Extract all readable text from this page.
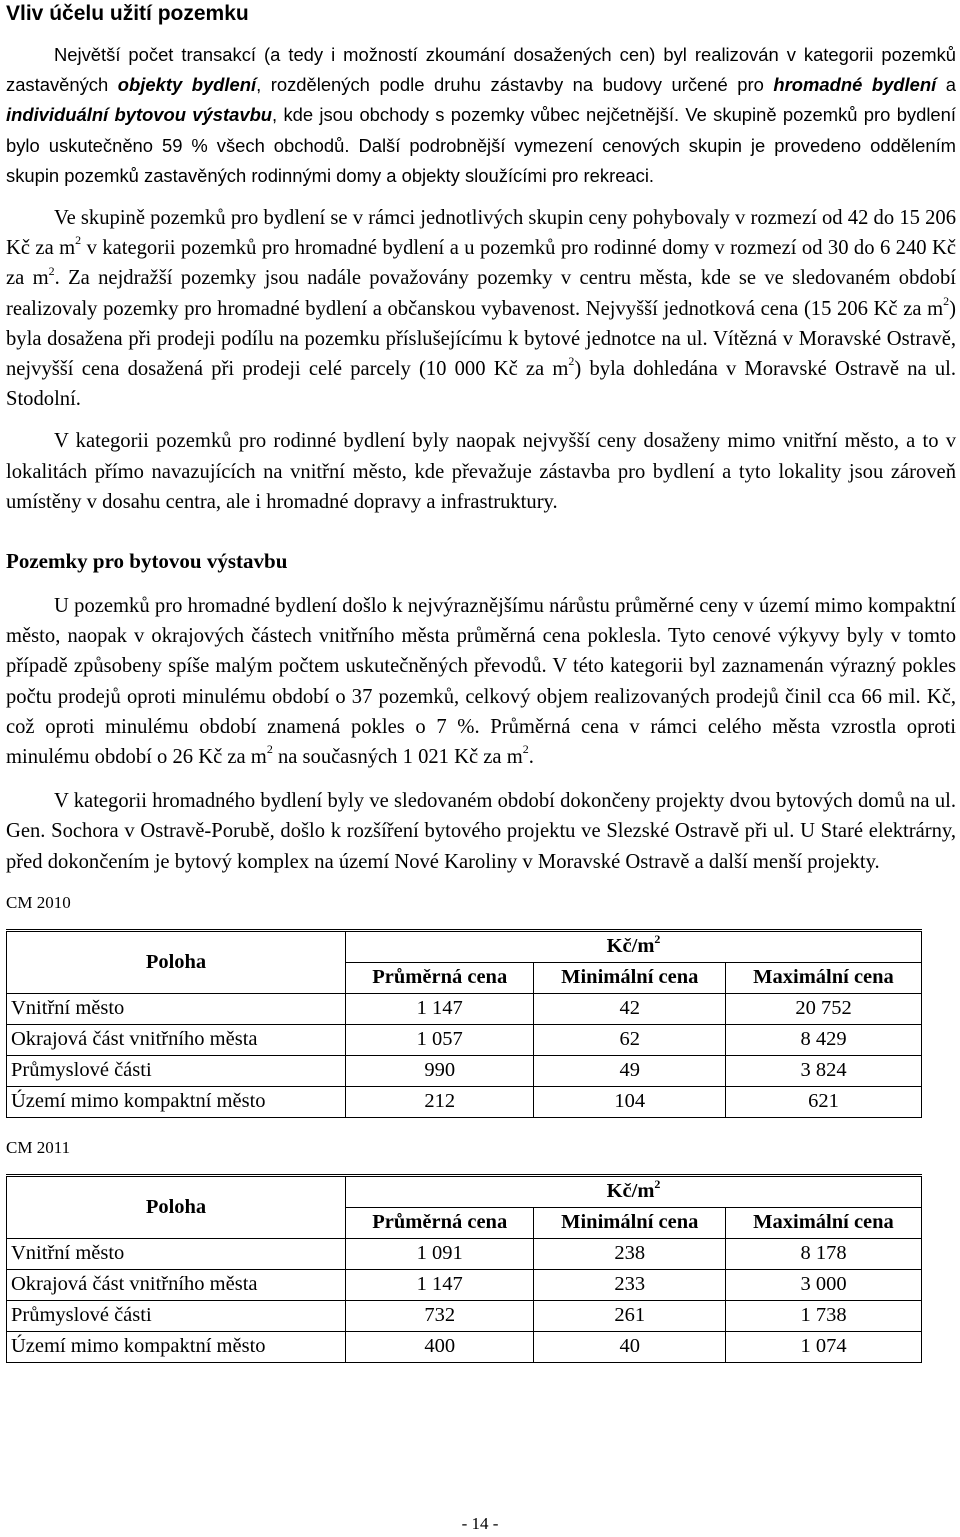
Vliv účelu užití pozemku

Největší počet transakcí (a tedy i možností zkoumání dosažených cen) byl realizován v kategorii pozemků zastavěných objekty bydlení, rozdělených podle druhu zástavby na budovy určené pro hromadné bydlení a individuální bytovou výstavbu, kde jsou obchody s pozemky vůbec nejčetnější. Ve skupině pozemků pro bydlení bylo uskutečněno 59 % všech obchodů. Další podrobnější vymezení cenových skupin je provedeno oddělením skupin pozemků zastavěných rodinnými domy a objekty sloužícími pro rekreaci.

Ve skupině pozemků pro bydlení se v rámci jednotlivých skupin ceny pohybovaly v rozmezí od 42 do 15 206 Kč za $m^2$ v kategorii pozemků pro hromadné bydlení a u pozemků pro rodinné domy v rozmezí od 30 do 6 240 Kč za $m^2$. Za nejdražší pozemky jsou nadále považovány pozemky v centru města, kde se ve sledovaném období realizovaly pozemky pro hromadné bydlení a občanskou vybavenost. Nejvyšší jednotková cena (15 206 Kč za $m^2$) byla dosažena při prodeji podílu na pozemku příslušejícímu k bytové jednotce na ul. Vítězná v Moravské Ostravě, nejvyšší cena dosažená při prodeji celé parcely (10 000 Kč za $m^2$) byla dohledána v Moravské Ostravě na ul. Stodolní.

V kategorii pozemků pro rodinné bydlení byly naopak nejvyšší ceny dosaženy mimo vnitřní město, a to v lokalitách přímo navazujících na vnitřní město, kde převažuje zástavba pro bydlení a tyto lokality jsou zároveň umístěny v dosahu centra, ale i hromadné dopravy a infrastruktury.

Pozemky pro bytovou výstavbu

U pozemků pro hromadné bydlení došlo k nejvýraznějšímu nárůstu průměrné ceny v území mimo kompaktní město, naopak v okrajových částech vnitřního města průměrná cena poklesla. Tyto cenové výkyvy byly v tomto případě způsobeny spíše malým počtem uskutečněných převodů. V této kategorii byl zaznamenán výrazný pokles počtu prodejů oproti minulému období o 37 pozemků, celkový objem realizovaných prodejů činil cca 66 mil. Kč, což oproti minulému období znamená pokles o 7 %. Průměrná cena v rámci celého města vzrostla oproti minulému období o 26 Kč za $m^2$ na současných 1 021 Kč za $m^2$.

V kategorii hromadného bydlení byly ve sledovaném období dokončeny projekty dvou bytových domů na ul. Gen. Sochora v Ostravě-Porubě, došlo k rozšíření bytového projektu ve Slezské Ostravě při ul. U Staré elektrárny, před dokončením je bytový komplex na území Nové Karoliny v Moravské Ostravě a další menší projekty.

CM 2010

Poloha	$Kč/m^2$
	Průměrná cena	Minimální cena	Maximální cena
Vnitřní město	1 147	42	20 752
Okrajová část vnitřního města	1 057	62	8 429
Průmyslové části	990	49	3 824
Území mimo kompaktní město	212	104	621

CM 2011

Poloha	$Kč/m^2$
	Průměrná cena	Minimální cena	Maximální cena
Vnitřní město	1 091	238	8 178
Okrajová část vnitřního města	1 147	233	3 000
Průmyslové části	732	261	1 738
Území mimo kompaktní město	400	40	1 074
- 14 -
